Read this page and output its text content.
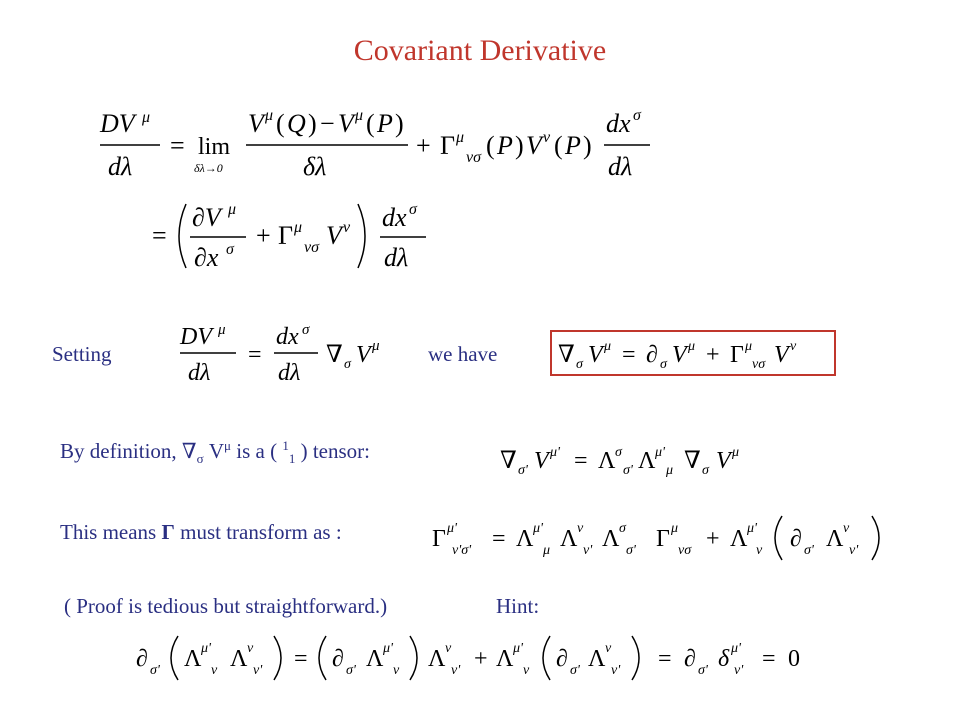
Covariant Derivative
DV μ
dλ
= lim
δλ→0
V μ ( Q ) − V μ ( P )
δλ
+ Γ μ
νσ ( P ) V ν ( P )
dx σ
dλ
=
∂V μ
∂x σ + Γ μ
νσ V ν dx σ
dλ
Setting
DV μ
dλ
=
dx σ
dλ
∇ σ V μ we have	∇ σ V μ = ∂ σ V μ + Γ μ
νσ V ν
By definition, $\nabla_\sigma$ $V^\mu$ is a ( $^1_1$ ) tensor:	∇ σ' V μ' = Λ σ
σ' Λ μ'
μ ∇ σ V μ
This means Γ must transform as :	Γ μ'
ν'σ' = Λ μ'
μ Λ ν
ν' Λ σ
σ' Γ μ
νσ + Λ μ'
ν ∂ σ' Λ ν
ν'
( Proof is tedious but straightforward.)	Hint:
∂ σ' Λ μ'
ν Λ ν
ν' = ∂ σ' Λ μ'
ν Λ ν
ν' + Λ μ'
ν ∂ σ' Λ ν
ν' = ∂ σ' δ μ'
ν' = 0
